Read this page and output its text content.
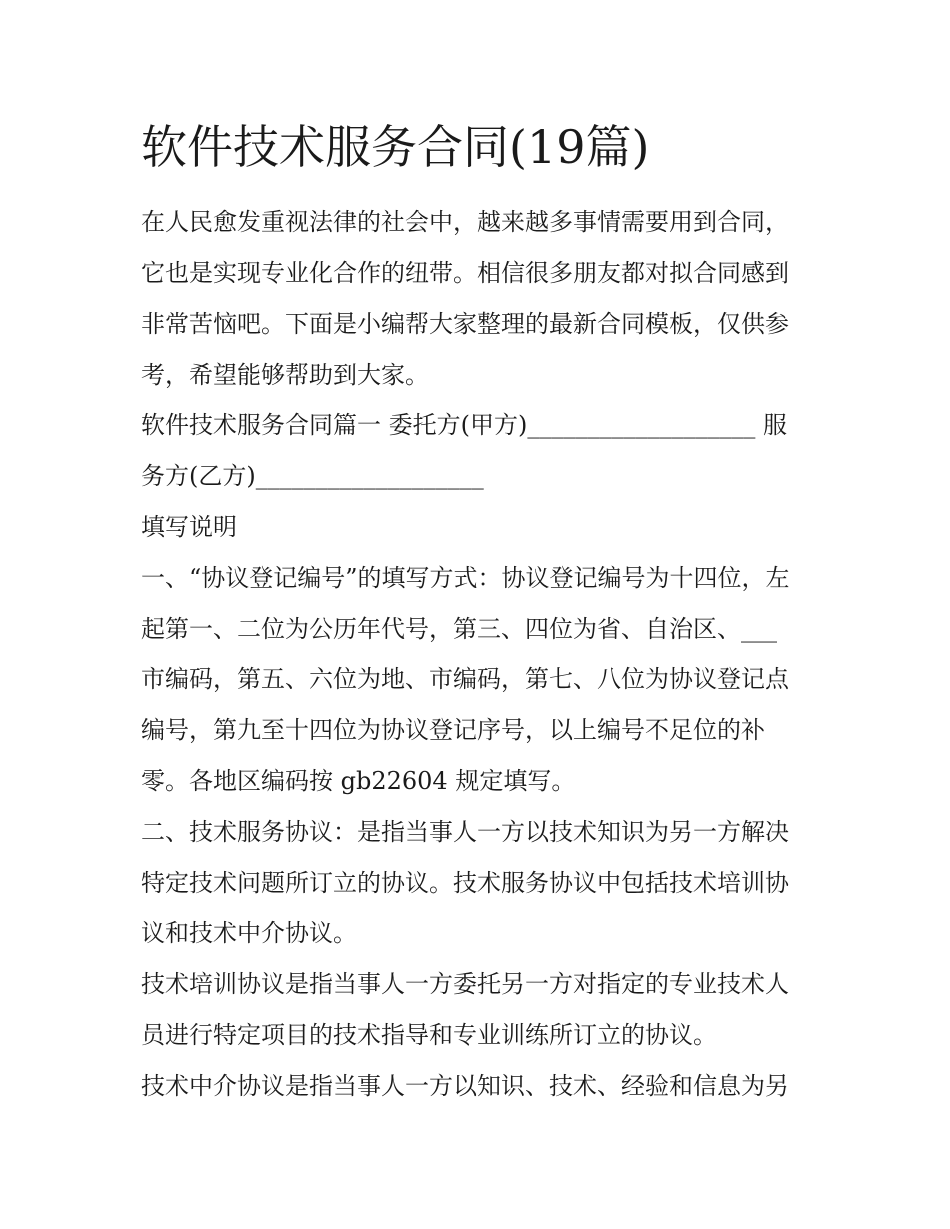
软件技术服务合同(19篇)
在人民愈发重视法律的社会中，越来越多事情需要用到合同，
它也是实现专业化合作的纽带。相信很多朋友都对拟合同感到
非常苦恼吧。下面是小编帮大家整理的最新合同模板，仅供参
考，希望能够帮助到大家。
软件技术服务合同篇一 委托方(甲方)___________________ 服
务方(乙方)___________________
填写说明
一、“协议登记编号”的填写方式：协议登记编号为十四位，左
起第一、二位为公历年代号，第三、四位为省、自治区、___
市编码，第五、六位为地、市编码，第七、八位为协议登记点
编号，第九至十四位为协议登记序号，以上编号不足位的补
零。各地区编码按 gb22604 规定填写。
二、技术服务协议：是指当事人一方以技术知识为另一方解决
特定技术问题所订立的协议。技术服务协议中包括技术培训协
议和技术中介协议。
技术培训协议是指当事人一方委托另一方对指定的专业技术人
员进行特定项目的技术指导和专业训练所订立的协议。
技术中介协议是指当事人一方以知识、技术、经验和信息为另
